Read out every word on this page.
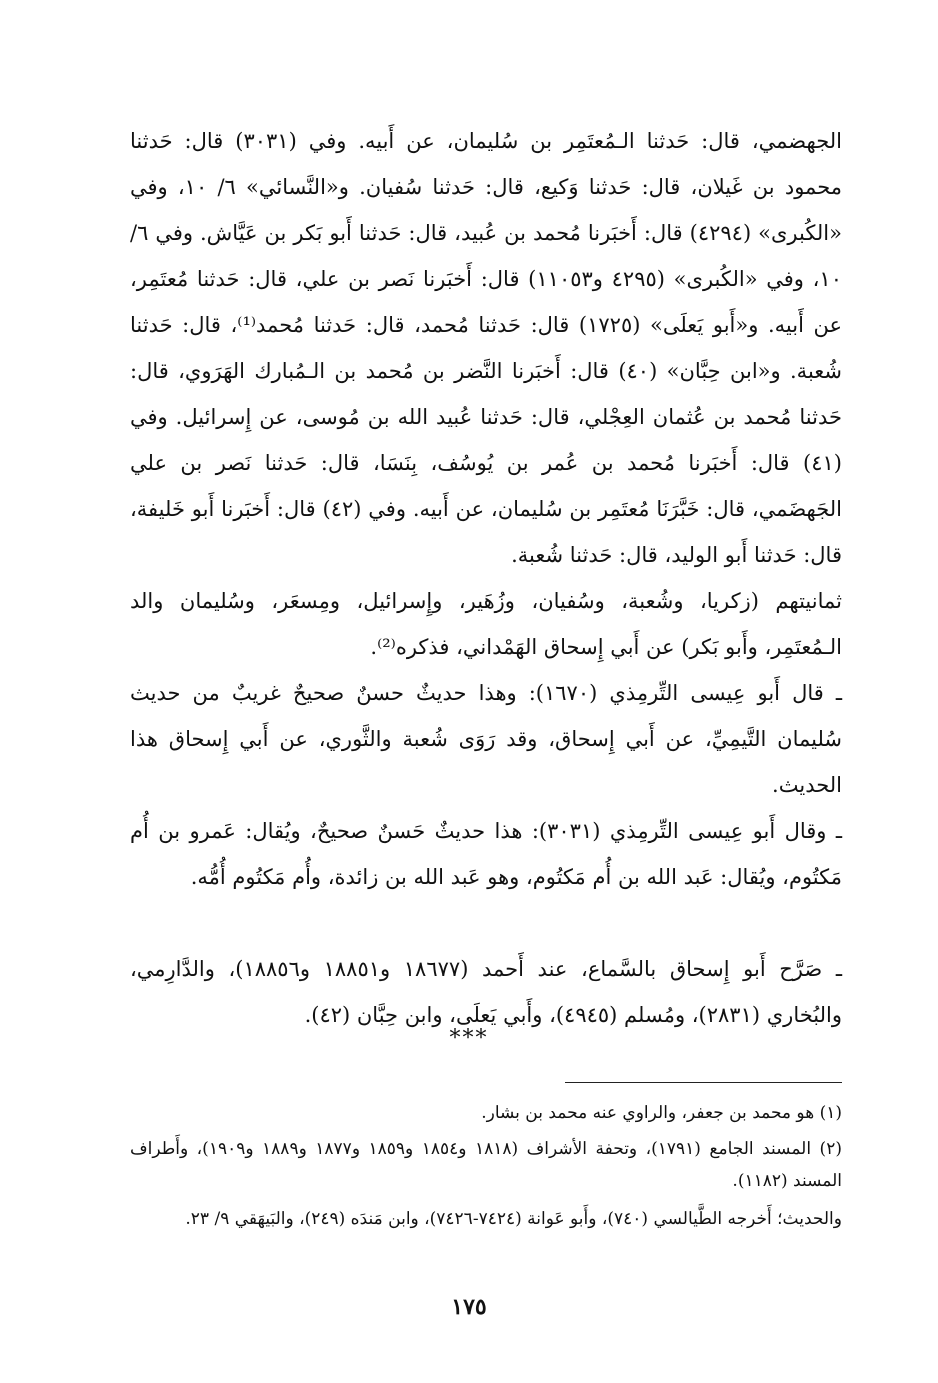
الجهضمي، قال: حَدثنا الـمُعتَمِر بن سُليمان، عن أَبيه. وفي (٣٠٣١) قال: حَدثنا محمود بن غَيلان، قال: حَدثنا وَكيع، قال: حَدثنا سُفيان. و«النَّسائي» ٦/ ١٠، وفي «الكُبرى» (٤٢٩٤) قال: أَخبَرنا مُحمد بن عُبيد، قال: حَدثنا أَبو بَكر بن عَيَّاش. وفي ٦/ ١٠، وفي «الكُبرى» (٤٢٩٥ و١١٠٥٣) قال: أَخبَرنا نَصر بن علي، قال: حَدثنا مُعتَمِر، عن أَبيه. و«أَبو يَعلَى» (١٧٢٥) قال: حَدثنا مُحمد، قال: حَدثنا مُحمد⁽¹⁾، قال: حَدثنا شُعبة. و«ابن حِبَّان» (٤٠) قال: أَخبَرنا النَّضر بن مُحمد بن الـمُبارك الهَرَوي، قال: حَدثنا مُحمد بن عُثمان العِجْلي، قال: حَدثنا عُبيد الله بن مُوسى، عن إِسرائيل. وفي (٤١) قال: أَخبَرنا مُحمد بن عُمر بن يُوسُف، بِنَسَا، قال: حَدثنا نَصر بن علي الجَهضَمي، قال: خَبَّرَنَا مُعتَمِر بن سُليمان، عن أَبيه. وفي (٤٢) قال: أَخبَرنا أَبو خَليفة، قال: حَدثنا أَبو الوليد، قال: حَدثنا شُعبة.

ثمانيتهم (زكريا، وشُعبة، وسُفيان، وزُهَير، وإِسرائيل، ومِسعَر، وسُليمان والد الـمُعتَمِر، وأَبو بَكر) عن أَبي إِسحاق الهَمْداني، فذكره⁽²⁾.

ـ قال أَبو عِيسى التِّرمِذي (١٦٧٠): وهذا حديثٌ حسنٌ صحيحٌ غريبٌ من حديث سُليمان التَّيمِيِّ، عن أَبي إِسحاق، وقد رَوَى شُعبة والثَّوري، عن أَبي إِسحاق هذا الحديث.

ـ وقال أَبو عِيسى التِّرمِذي (٣٠٣١): هذا حديثٌ حَسنٌ صحيحٌ، ويُقال: عَمرو بن أُم مَكتُوم، ويُقال: عَبد الله بن أُم مَكتُوم، وهو عَبد الله بن زائدة، وأُم مَكتُوم أُمُّه.

ـ صَرَّح أَبو إِسحاق بالسَّماع، عند أَحمد (١٨٦٧٧ و١٨٨٥١ و١٨٨٥٦)، والدَّارِمي، والبُخاري (٢٨٣١)، ومُسلم (٤٩٤٥)، وأَبي يَعلَى، وابن حِبَّان (٤٢).

***

(١) هو محمد بن جعفر، والراوي عنه محمد بن بشار.

(٢) المسند الجامع (١٧٩١)، وتحفة الأشراف (١٨١٨ و١٨٥٤ و١٨٥٩ و١٨٧٧ و١٨٨٩ و١٩٠٩)، وأَطراف المسند (١١٨٢).

والحديث؛ أَخرجه الطَّيالسي (٧٤٠)، وأَبو عَوانة (٧٤٢٤-٧٤٢٦)، وابن مَندَه (٢٤٩)، والبَيهَقي ٩/ ٢٣.

١٧٥
